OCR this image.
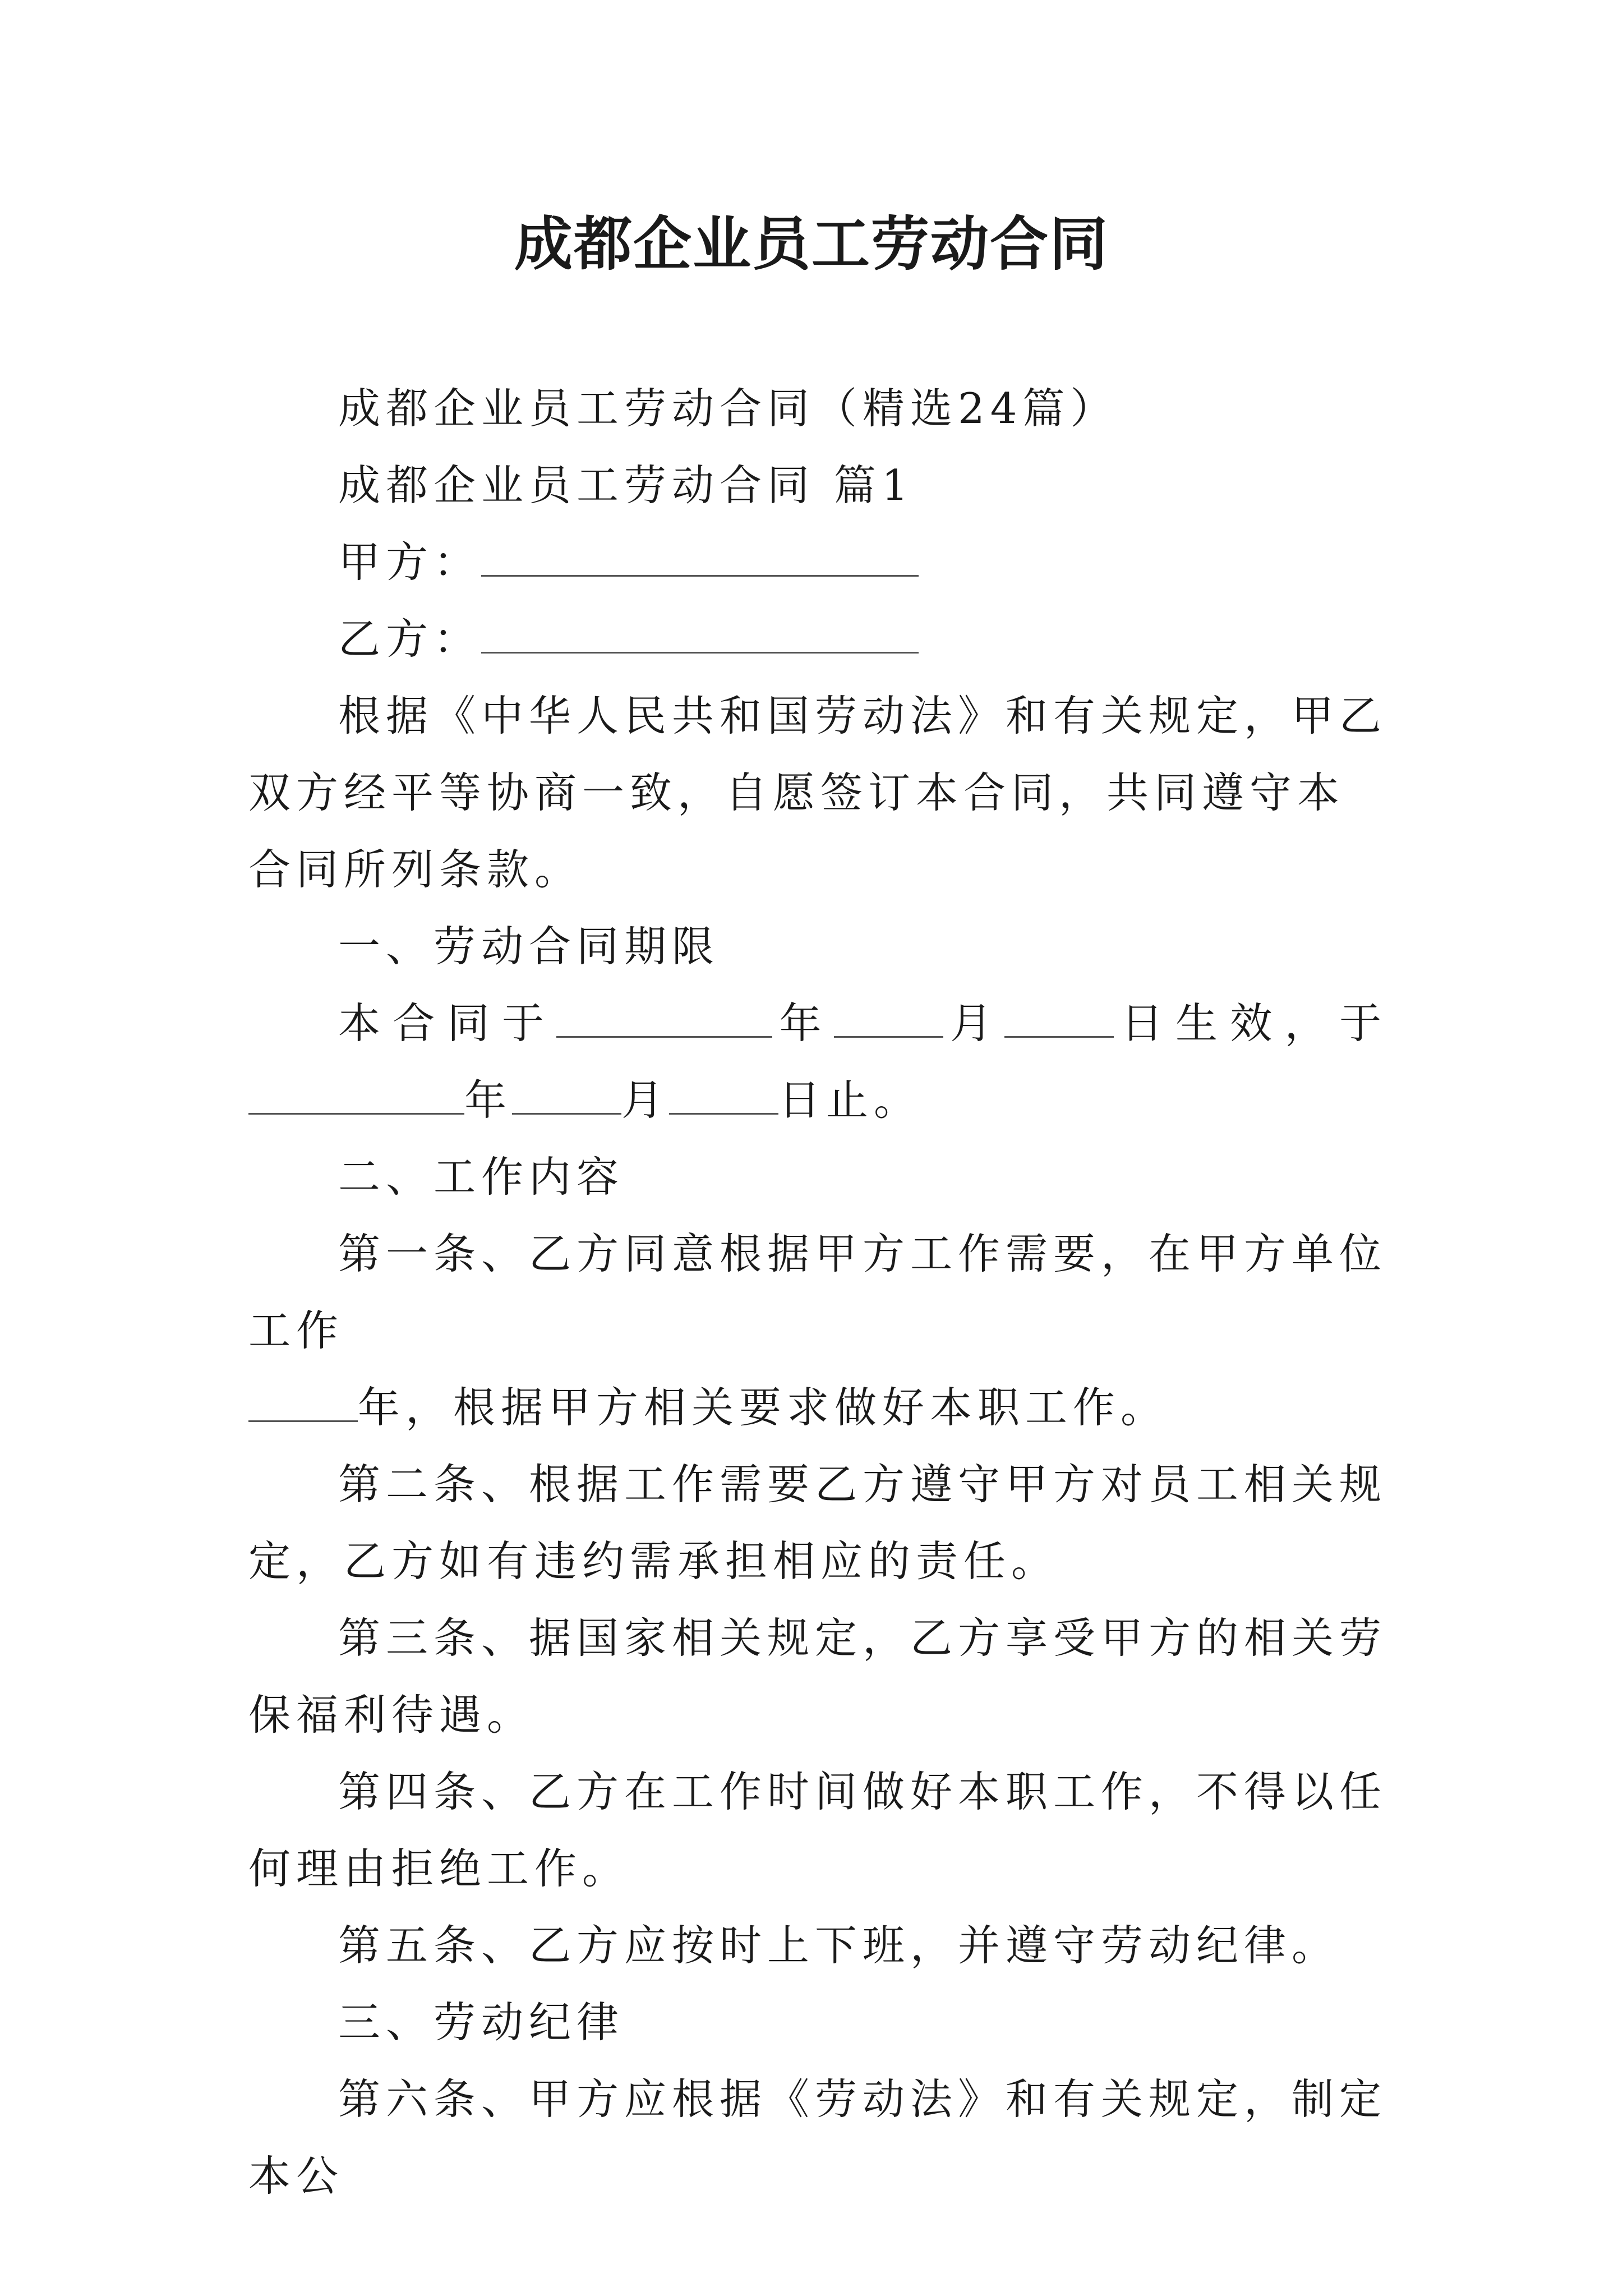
成都企业员工劳动合同

成都企业员工劳动合同（精选24篇）

成都企业员工劳动合同 篇1

甲方：

乙方：

根据《中华人民共和国劳动法》和有关规定，甲乙双方经平等协商一致，自愿签订本合同，共同遵守本合同所列条款。

一、劳动合同期限

本合同于	年	月	日生效，于

年	月	日止。

二、工作内容

第一条、乙方同意根据甲方工作需要，在甲方单位工作

年，根据甲方相关要求做好本职工作。

第二条、根据工作需要乙方遵守甲方对员工相关规定，乙方如有违约需承担相应的责任。

第三条、据国家相关规定，乙方享受甲方的相关劳保福利待遇。

第四条、乙方在工作时间做好本职工作，不得以任何理由拒绝工作。

第五条、乙方应按时上下班，并遵守劳动纪律。

三、劳动纪律

第六条、甲方应根据《劳动法》和有关规定，制定本公
